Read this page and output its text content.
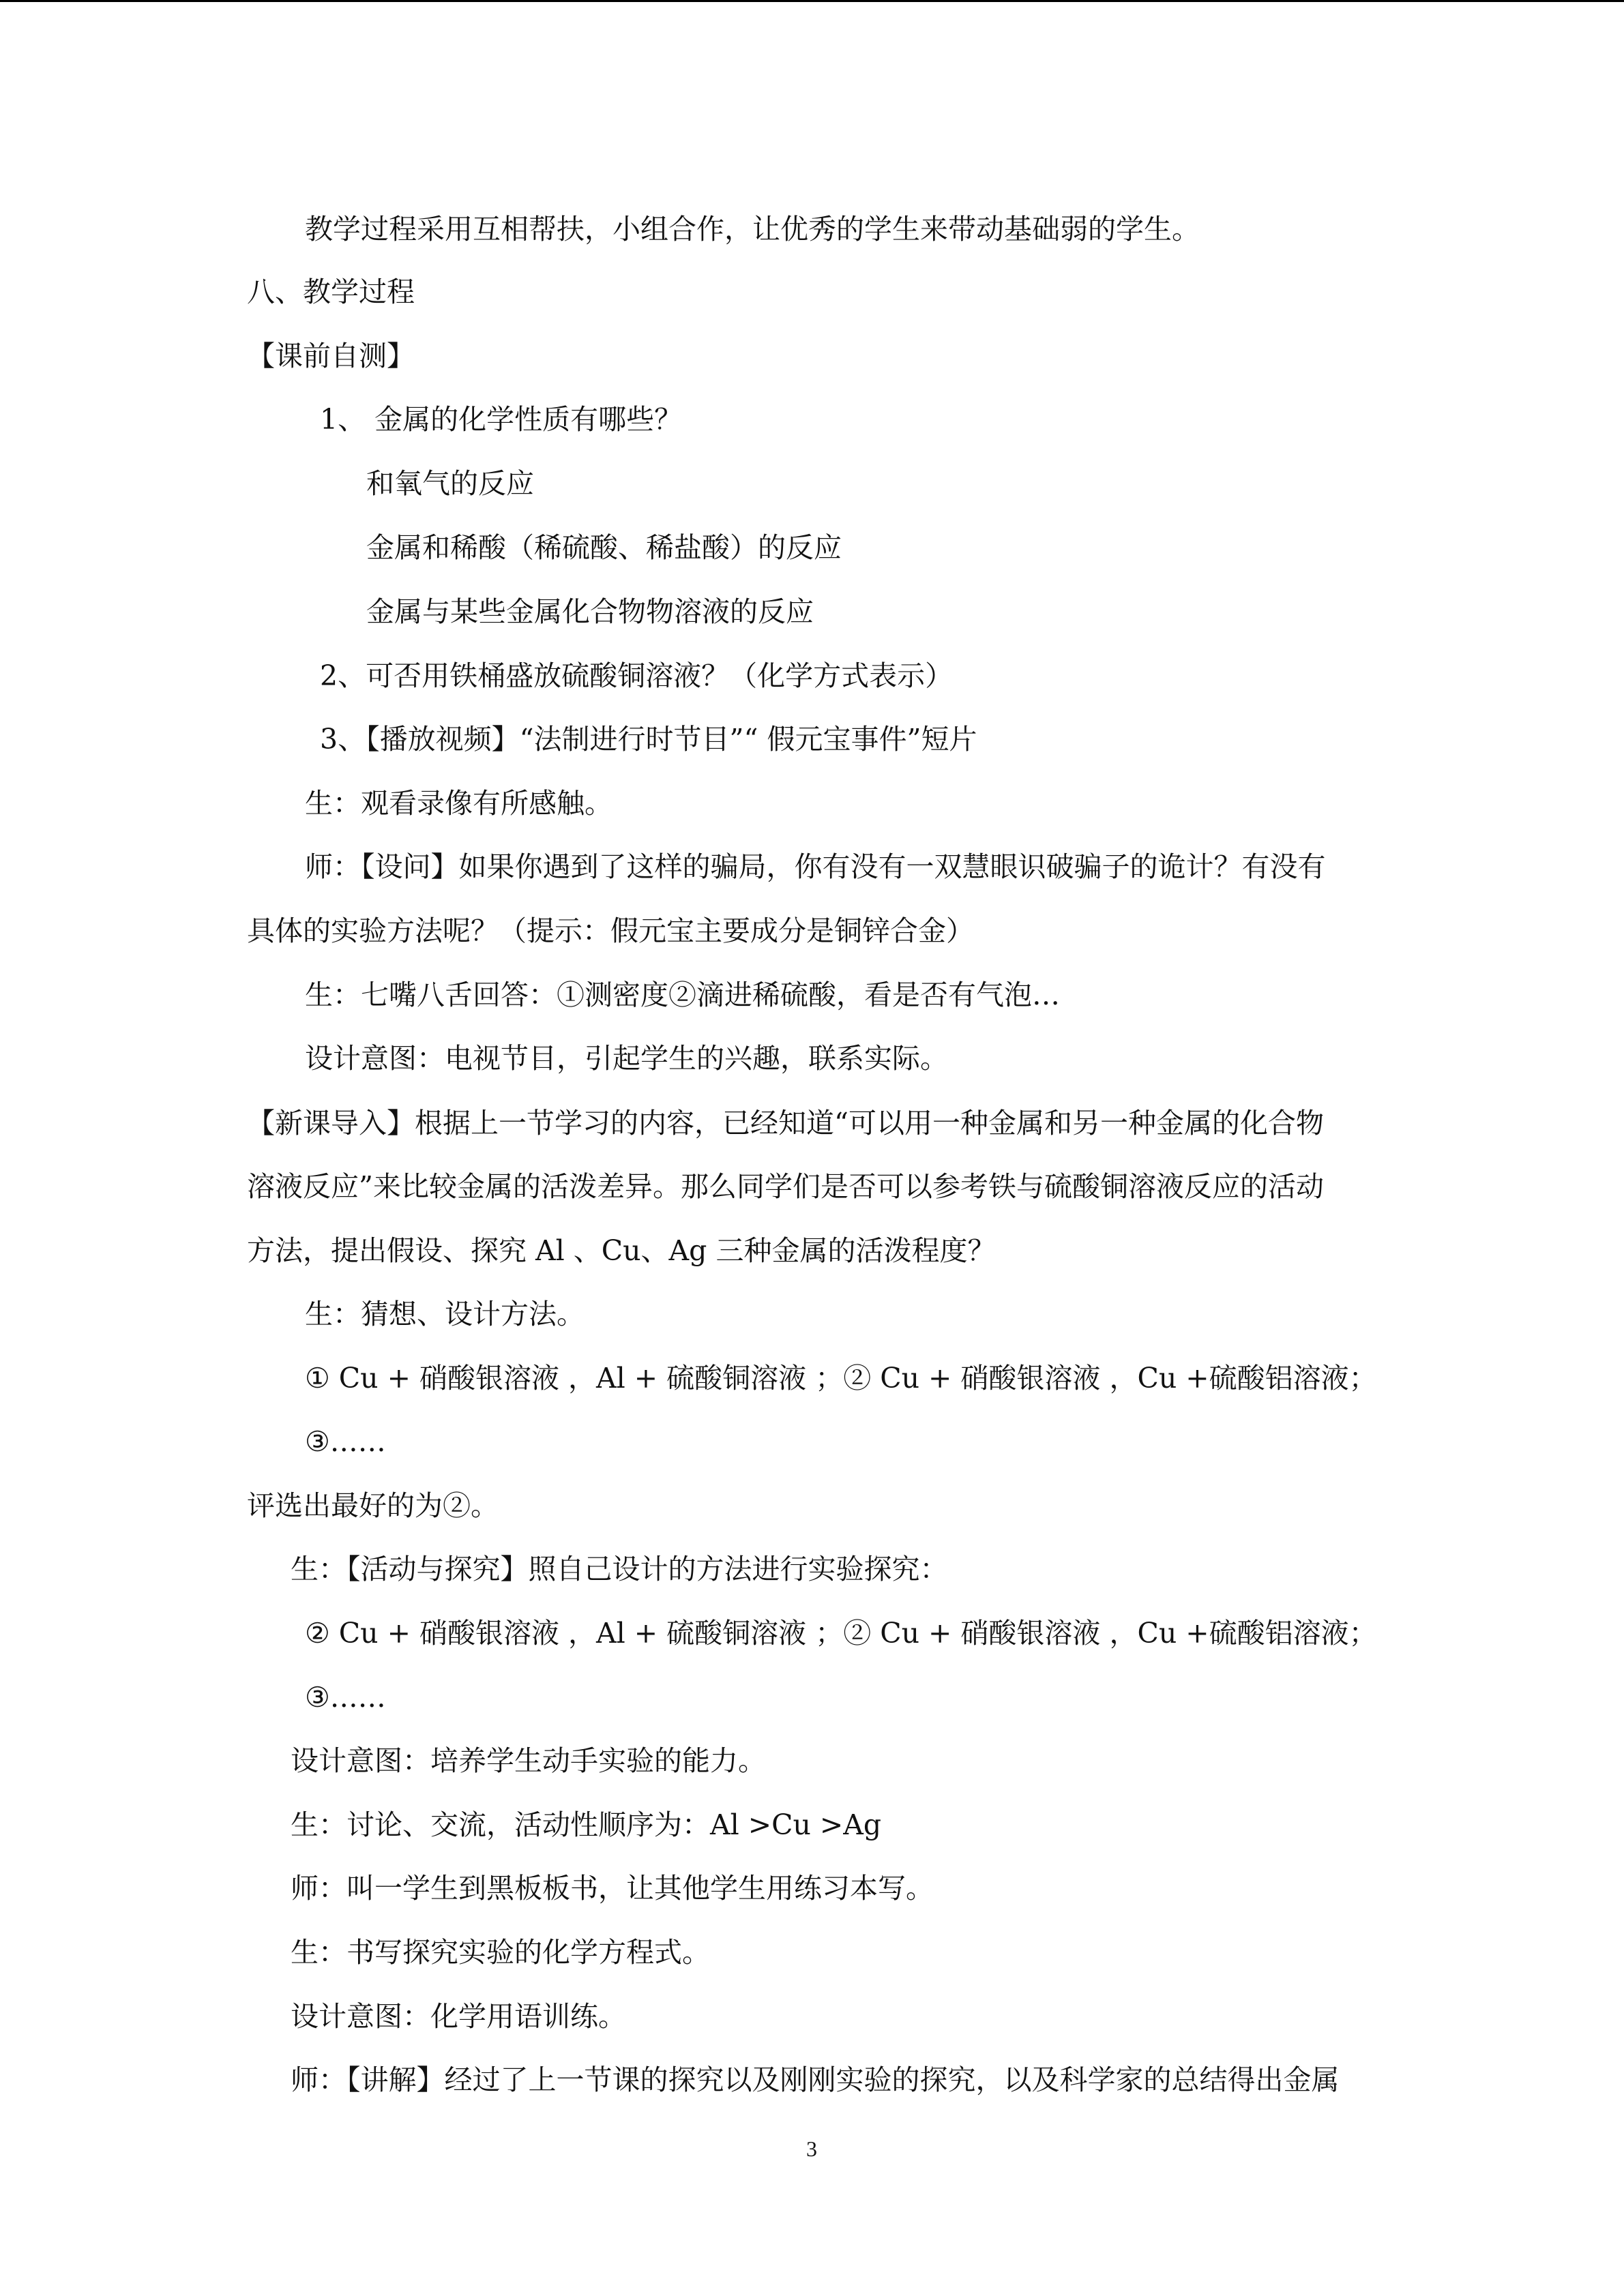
教学过程采用互相帮扶，小组合作，让优秀的学生来带动基础弱的学生。
八、教学过程
【课前自测】
1、 金属的化学性质有哪些？
和氧气的反应
金属和稀酸（稀硫酸、稀盐酸）的反应
金属与某些金属化合物物溶液的反应
2、可否用铁桶盛放硫酸铜溶液？（化学方式表示）
3、【播放视频】“法制进行时节目”“ 假元宝事件”短片
生：观看录像有所感触。
师：【设问】如果你遇到了这样的骗局，你有没有一双慧眼识破骗子的诡计？有没有
具体的实验方法呢？（提示：假元宝主要成分是铜锌合金）
生：七嘴八舌回答：①测密度②滴进稀硫酸，看是否有气泡…
设计意图：电视节目，引起学生的兴趣，联系实际。
【新课导入】根据上一节学习的内容，已经知道“可以用一种金属和另一种金属的化合物
溶液反应”来比较金属的活泼差异。那么同学们是否可以参考铁与硫酸铜溶液反应的活动
方法，提出假设、探究 Al 、Cu、Ag 三种金属的活泼程度？
生：猜想、设计方法。
① Cu + 硝酸银溶液 ，Al + 硫酸铜溶液 ；② Cu + 硝酸银溶液 ，Cu +硫酸铝溶液；
③……
评选出最好的为②。
生：【活动与探究】照自己设计的方法进行实验探究：
② Cu + 硝酸银溶液 ，Al + 硫酸铜溶液 ；② Cu + 硝酸银溶液 ，Cu +硫酸铝溶液；
③……
设计意图：培养学生动手实验的能力。
生：讨论、交流，活动性顺序为：Al >Cu >Ag
师：叫一学生到黑板板书，让其他学生用练习本写。
生：书写探究实验的化学方程式。
设计意图：化学用语训练。
师：【讲解】经过了上一节课的探究以及刚刚实验的探究，以及科学家的总结得出金属
3
